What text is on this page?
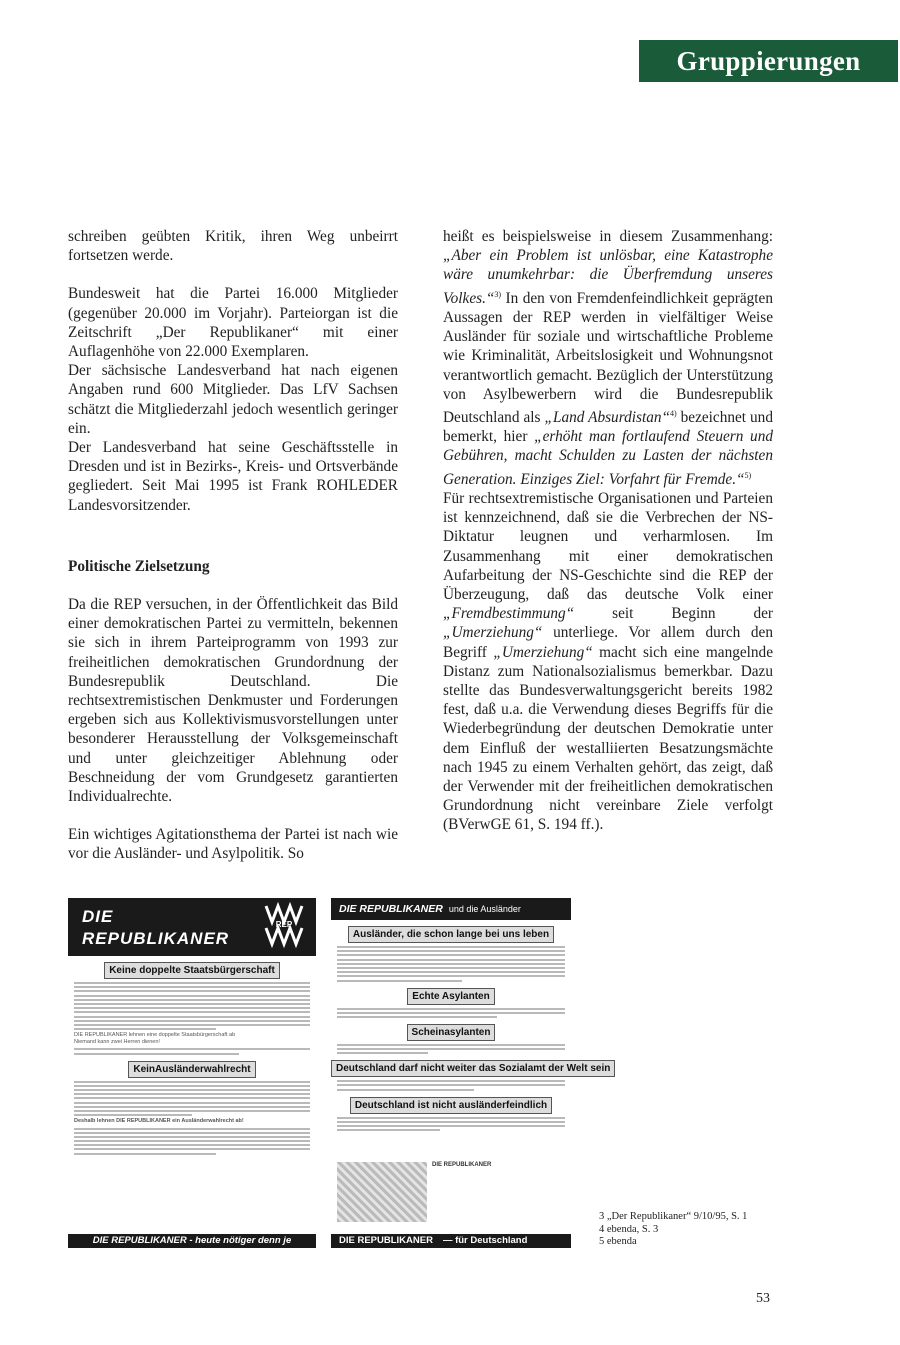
Gruppierungen

schreiben geübten Kritik, ihren Weg unbeirrt fortsetzen werde.

Bundesweit hat die Partei 16.000 Mitglieder (gegenüber 20.000 im Vorjahr). Parteiorgan ist die Zeitschrift „Der Republikaner“ mit einer Auflagenhöhe von 22.000 Exemplaren.

Der sächsische Landesverband hat nach eigenen Angaben rund 600 Mitglieder. Das LfV Sachsen schätzt die Mitgliederzahl jedoch wesentlich geringer ein.

Der Landesverband hat seine Geschäftsstelle in Dresden und ist in Bezirks-, Kreis- und Ortsverbände gegliedert. Seit Mai 1995 ist Frank ROHLEDER Landesvorsitzender.

Politische Zielsetzung

Da die REP versuchen, in der Öffentlichkeit das Bild einer demokratischen Partei zu vermitteln, bekennen sie sich in ihrem Parteiprogramm von 1993 zur freiheitlichen demokratischen Grundordnung der Bundesrepublik Deutschland. Die rechtsextremistischen Denkmuster und Forderungen ergeben sich aus Kollektivismusvorstellungen unter besonderer Herausstellung der Volksgemeinschaft und unter gleichzeitiger Ablehnung oder Beschneidung der vom Grundgesetz garantierten Individualrechte.

Ein wichtiges Agitationsthema der Partei ist nach wie vor die Ausländer- und Asylpolitik. So

heißt es beispielsweise in diesem Zusammenhang: „Aber ein Problem ist unlösbar, eine Katastrophe wäre unumkehrbar: die Überfremdung unseres Volkes.“$^{3)}$ In den von Fremdenfeindlichkeit geprägten Aussagen der REP werden in vielfältiger Weise Ausländer für soziale und wirtschaftliche Probleme wie Kriminalität, Arbeitslosigkeit und Wohnungsnot verantwortlich gemacht. Bezüglich der Unterstützung von Asylbewerbern wird die Bundesrepublik Deutschland als „Land Absurdistan“$^{4)}$ bezeichnet und bemerkt, hier „erhöht man fortlaufend Steuern und Gebühren, macht Schulden zu Lasten der nächsten Generation. Einziges Ziel: Vorfahrt für Fremde.“$^{5)}$

Für rechtsextremistische Organisationen und Parteien ist kennzeichnend, daß sie die Verbrechen der NS-Diktatur leugnen und verharmlosen. Im Zusammenhang mit einer demokratischen Aufarbeitung der NS-Geschichte sind die REP der Überzeugung, daß das deutsche Volk einer „Fremdbestimmung“ seit Beginn der „Umerziehung“ unterliege. Vor allem durch den Begriff „Umerziehung“ macht sich eine mangelnde Distanz zum Nationalsozialismus bemerkbar. Dazu stellte das Bundesverwaltungsgericht bereits 1982 fest, daß u.a. die Verwendung dieses Begriffs für die Wiederbegründung der deutschen Demokratie unter dem Einfluß der westalliierten Besatzungsmächte nach 1945 zu einem Verhalten gehört, das zeigt, daß der Verwender mit der freiheitlichen demokratischen Grundordnung nicht vereinbare Ziele verfolgt (BVerwGE 61, S. 194 ff.).

DIE
REPUBLIKANER
REP
Keine doppelte Staatsbürgerschaft
DIE REPUBLIKANER lehnen eine doppelte Staatsbürgerschaft ab
Niemand kann zwei Herren dienen!
KeinAusländerwahlrecht
Deshalb lehnen DIE REPUBLIKANER ein Ausländerwahlrecht ab!
DIE REPUBLIKANER - heute nötiger denn je
DIE REPUBLIKANER und die Ausländer
Ausländer, die schon lange bei uns leben
Echte Asylanten
Scheinasylanten
Deutschland darf nicht weiter das Sozialamt der Welt sein
Deutschland ist nicht ausländerfeindlich
DIE REPUBLIKANER
DIE REPUBLIKANER — für Deutschland
3 „Der Republikaner“ 9/10/95, S. 1
4 ebenda, S. 3
5 ebenda
53
